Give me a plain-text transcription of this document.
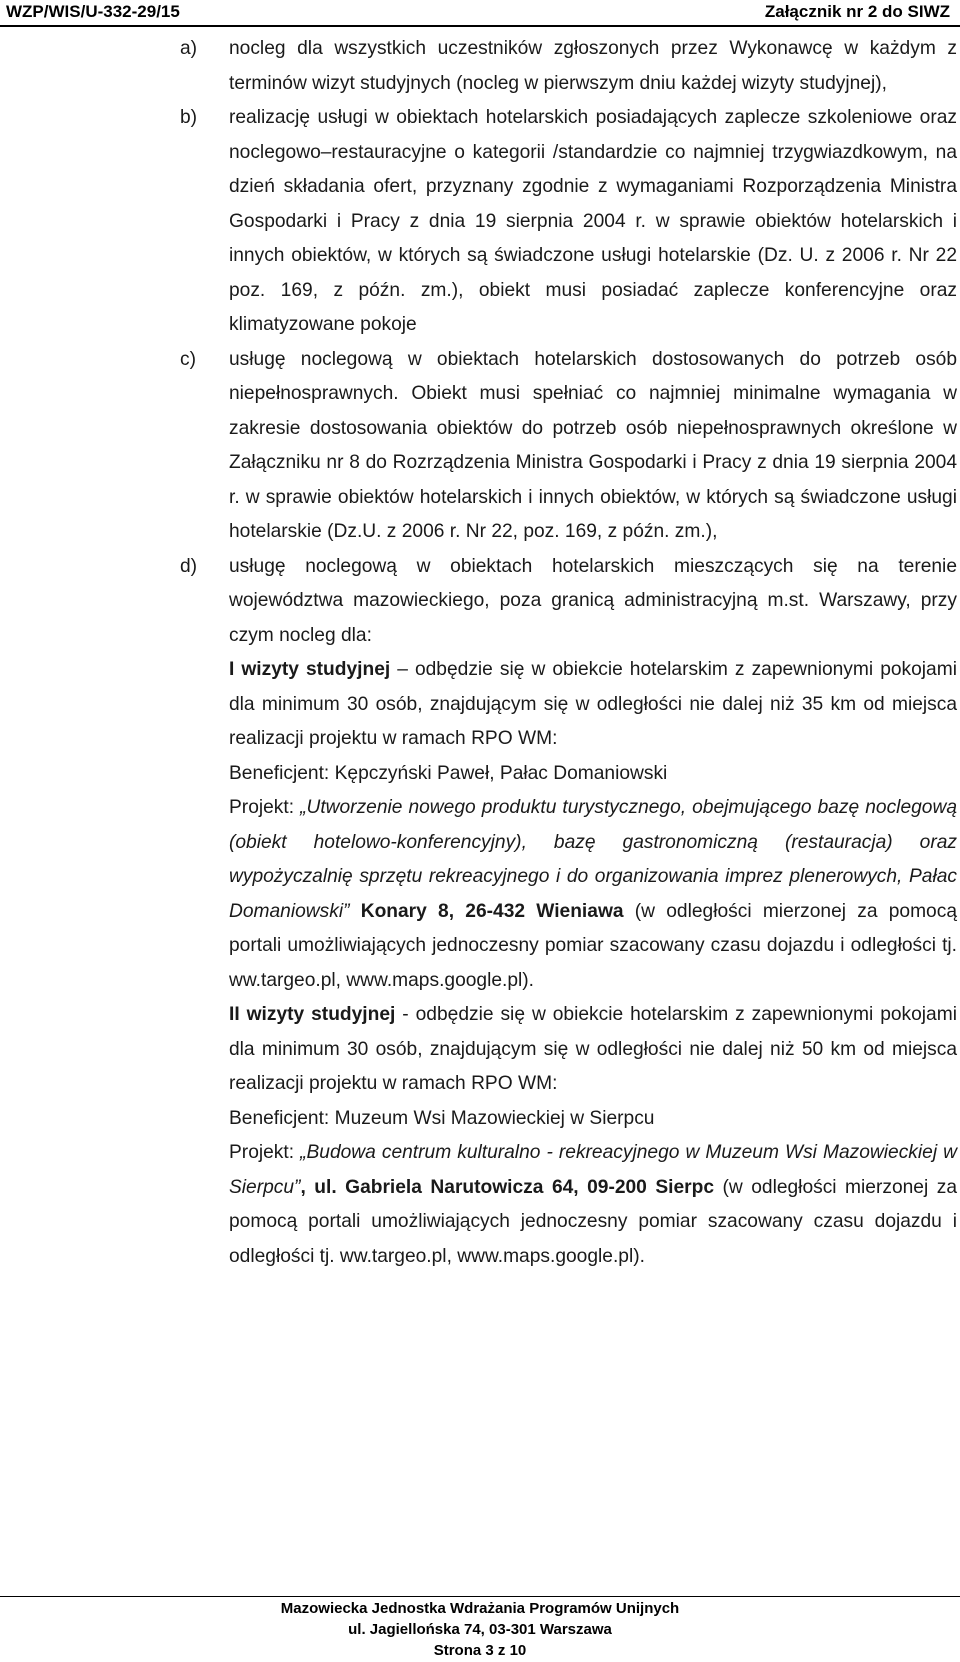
WZP/WIS/U-332-29/15	Załącznik nr 2 do SIWZ
a) nocleg dla wszystkich uczestników zgłoszonych przez Wykonawcę w każdym z terminów wizyt studyjnych (nocleg w pierwszym dniu każdej wizyty studyjnej),

b) realizację usługi w obiektach hotelarskich posiadających zaplecze szkoleniowe oraz noclegowo–restauracyjne o kategorii /standardzie co najmniej trzygwiazdkowym, na dzień składania ofert, przyznany zgodnie z wymaganiami Rozporządzenia Ministra Gospodarki i Pracy z dnia 19 sierpnia 2004 r. w sprawie obiektów hotelarskich i innych obiektów, w których są świadczone usługi hotelarskie (Dz. U. z 2006 r. Nr 22 poz. 169, z późn. zm.), obiekt musi posiadać zaplecze konferencyjne oraz klimatyzowane pokoje

c) usługę noclegową w obiektach hotelarskich dostosowanych do potrzeb osób niepełnosprawnych. Obiekt musi spełniać co najmniej minimalne wymagania w zakresie dostosowania obiektów do potrzeb osób niepełnosprawnych określone w Załączniku nr 8 do Rozrządzenia Ministra Gospodarki i Pracy z dnia 19 sierpnia 2004 r. w sprawie obiektów hotelarskich i innych obiektów, w których są świadczone usługi hotelarskie (Dz.U. z 2006 r. Nr 22, poz. 169, z późn. zm.),

d) usługę noclegową w obiektach hotelarskich mieszczących się na terenie województwa mazowieckiego, poza granicą administracyjną m.st. Warszawy, przy czym nocleg dla:

I wizyty studyjnej – odbędzie się w obiekcie hotelarskim z zapewnionymi pokojami dla minimum 30 osób, znajdującym się w odległości nie dalej niż 35 km od miejsca realizacji projektu w ramach RPO WM:

Beneficjent: Kępczyński Paweł, Pałac Domaniowski

Projekt: „Utworzenie nowego produktu turystycznego, obejmującego bazę noclegową (obiekt hotelowo-konferencyjny), bazę gastronomiczną (restauracja) oraz wypożyczalnię sprzętu rekreacyjnego i do organizowania imprez plenerowych, Pałac Domaniowski” Konary 8, 26-432 Wieniawa (w odległości mierzonej za pomocą portali umożliwiających jednoczesny pomiar szacowany czasu dojazdu i odległości tj. ww.targeo.pl, www.maps.google.pl).

II wizyty studyjnej - odbędzie się w obiekcie hotelarskim z zapewnionymi pokojami dla minimum 30 osób, znajdującym się w odległości nie dalej niż 50 km od miejsca realizacji projektu w ramach RPO WM:

Beneficjent: Muzeum Wsi Mazowieckiej w Sierpcu

Projekt: „Budowa centrum kulturalno - rekreacyjnego w Muzeum Wsi Mazowieckiej w Sierpcu”, ul. Gabriela Narutowicza 64, 09-200 Sierpc (w odległości mierzonej za pomocą portali umożliwiających jednoczesny pomiar szacowany czasu dojazdu i odległości tj. ww.targeo.pl, www.maps.google.pl).

Mazowiecka Jednostka Wdrażania Programów Unijnych
ul. Jagiellońska 74, 03-301 Warszawa
Strona 3 z 10
